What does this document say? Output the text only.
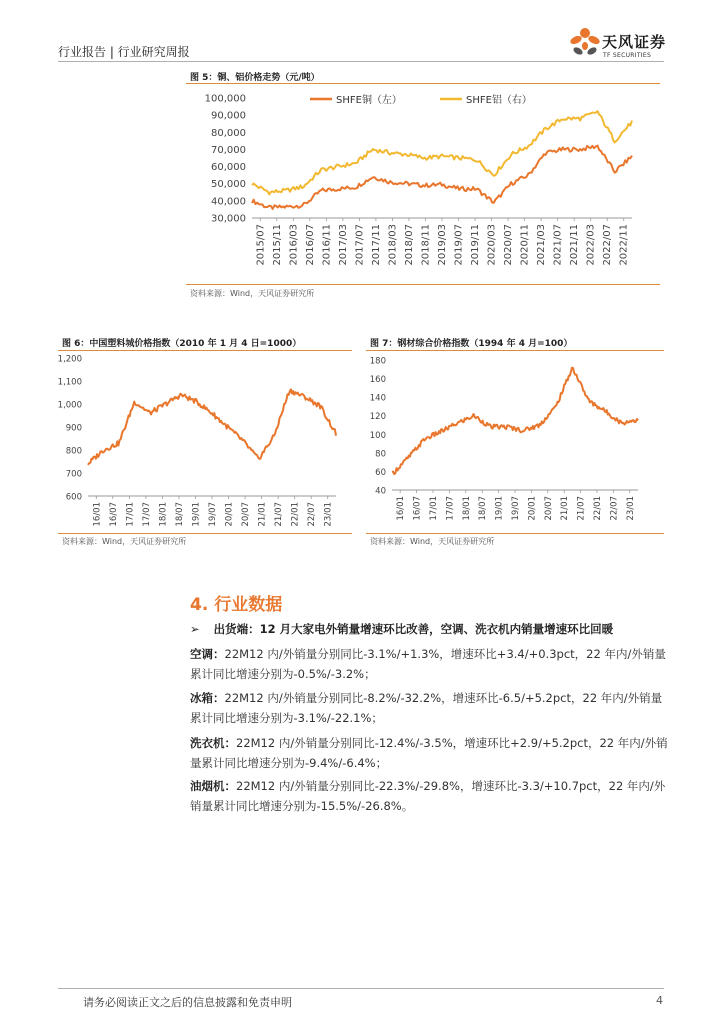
行业报告 | 行业研究周报
天风证券
TF SECURITIES
图 5：铜、铝价格走势（元/吨）
100,000
90,000
80,000
70,000
60,000
50,000
40,000
30,000
2015/07 2015/11 2016/03 2016/07 2016/11 2017/03 2017/07 2017/11 2018/03 2018/07 2018/11 2019/03 2019/07 2019/11 2020/03 2020/07 2020/11 2021/03 2021/07 2021/11 2022/03 2022/07 2022/11
SHFE铜（左）	SHFE铝（右）
资料来源：Wind，天风证券研究所
图 6：中国塑料城价格指数（2010 年 1 月 4 日=1000）
1,200
1,100
1,000
900
800
700
600
16/01 16/07 17/01 17/07 18/01 18/07 19/01 19/07 20/01 20/07 21/01 21/07 22/01 22/07 23/01
资料来源：Wind，天风证券研究所
图 7：钢材综合价格指数（1994 年 4 月=100）
180
160
140
120
100
80
60
40
16/01 16/07 17/01 17/07 18/01 18/07 19/01 19/07 20/01 20/07 21/01 21/07 22/01 22/07 23/01
资料来源：Wind，天风证券研究所
4. 行业数据
➢ 出货端：12 月大家电外销量增速环比改善，空调、洗衣机内销量增速环比回暖
空调：22M12 内/外销量分别同比-3.1%/+1.3%，增速环比+3.4/+0.3pct，22 年内/外销量累计同比增速分别为-0.5%/-3.2%；
冰箱：22M12 内/外销量分别同比-8.2%/-32.2%，增速环比-6.5/+5.2pct，22 年内/外销量累计同比增速分别为-3.1%/-22.1%；
洗衣机：22M12 内/外销量分别同比-12.4%/-3.5%，增速环比+2.9/+5.2pct，22 年内/外销量累计同比增速分别为-9.4%/-6.4%；
油烟机：22M12 内/外销量分别同比-22.3%/-29.8%，增速环比-3.3/+10.7pct，22 年内/外销量累计同比增速分别为-15.5%/-26.8%。
请务必阅读正文之后的信息披露和免责申明	4
